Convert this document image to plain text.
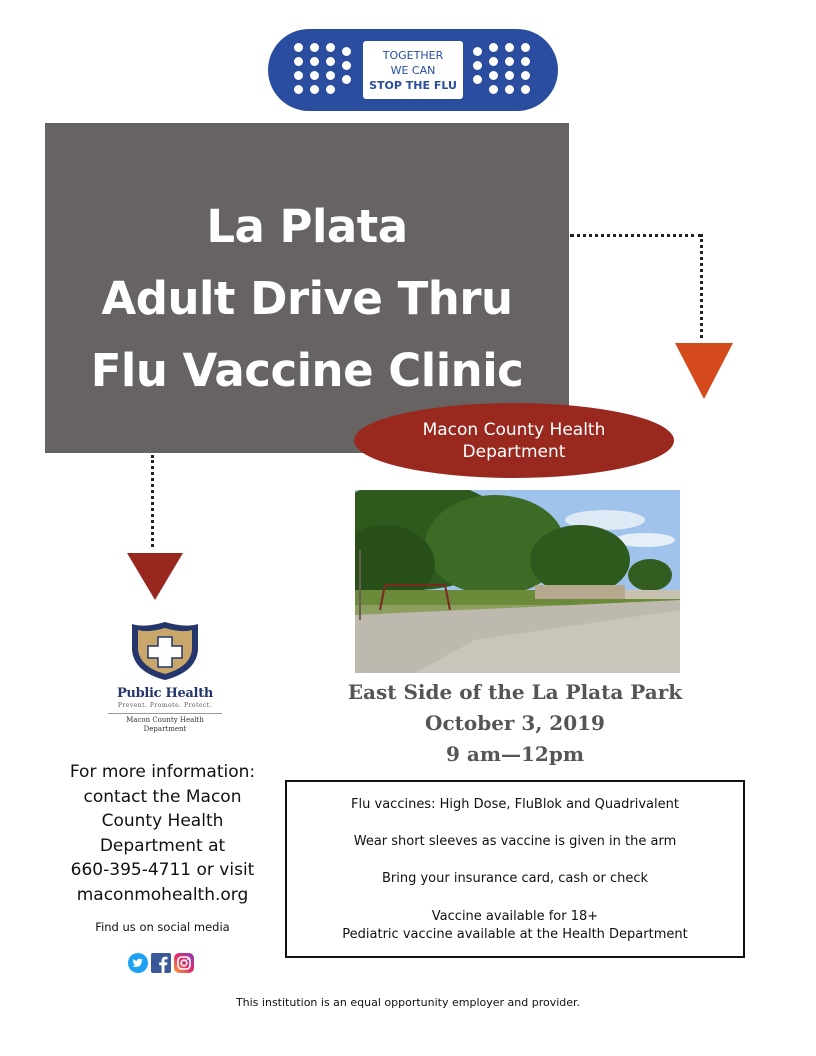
TOGETHER
WE CAN
STOP THE FLU
La Plata
Adult Drive Thru
Flu Vaccine Clinic
Macon County Health
Department
Public Health
Prevent. Promote. Protect.
Macon County Health
Department
East Side of the La Plata Park
October 3, 2019
9 am—12pm
For more information:
contact the Macon
County Health
Department at
660-395-4711 or visit
maconmohealth.org
Find us on social media

Flu vaccines: High Dose, FluBlok and Quadrivalent

Wear short sleeves as vaccine is given in the arm

Bring your insurance card, cash or check

Vaccine available for 18+

Pediatric vaccine available at the Health Department

This institution is an equal opportunity employer and provider.
